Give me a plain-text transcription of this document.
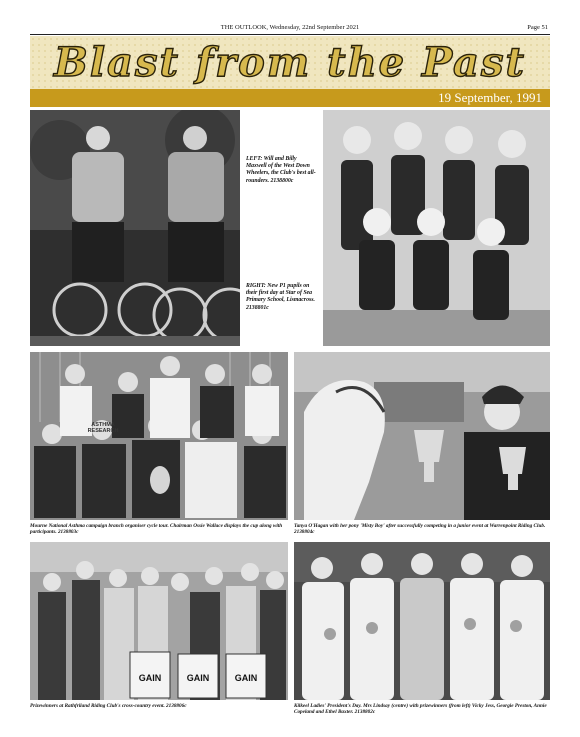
THE OUTLOOK, Wednesday, 22nd September 2021	Page 51
Blast from the Past
19 September, 1991
LEFT: Will and Billy Maxwell of the West Down Wheelers, the Club's best all-rounders. 2138800c
RIGHT: New P1 pupils on their first day at Star of Sea Primary School, Lismacross. 2138801c
ASTHMA RESEARCH
Mourne National Asthma campaign branch organiser cycle tour. Chairman Ossie Wallace displays the cup along with participants. 2138803c
Tanya O'Hagan with her pony 'Misty Boy' after successfully competing in a junior event at Warrenpoint Riding Club. 2138804c
GAIN	GAIN	GAIN
Prizewinners at Rathfriland Riding Club's cross-country event. 2138806c	Kilkeel Ladies' President's Day. Mrs Lindsay (centre) with prizewinners (from left) Vicky Jess, Georgie Preston, Annie Copeland and Ethel Baxter. 2138802c
